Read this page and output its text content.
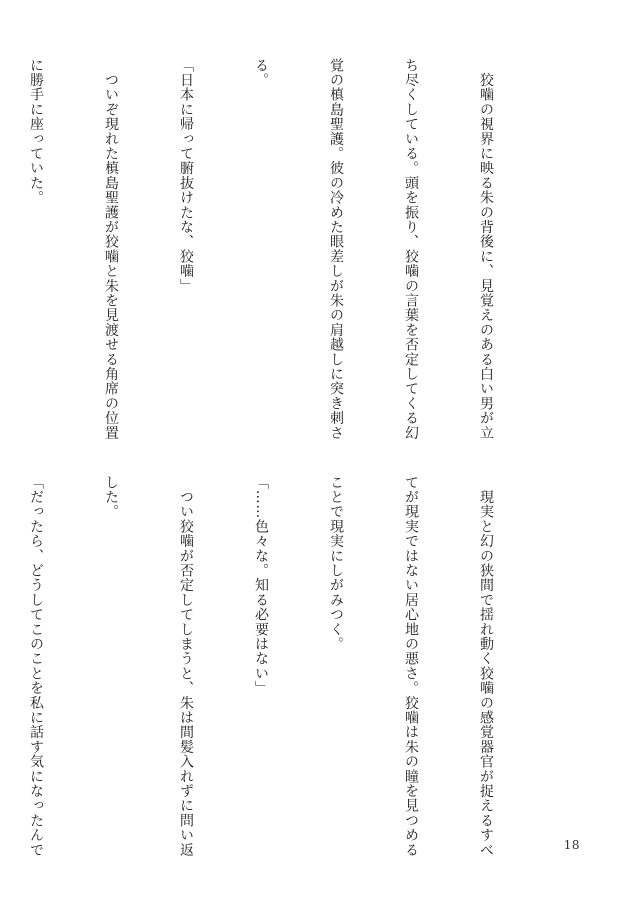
　狡噛の視界に映る朱の背後に、見覚えのある白い男が立

ち尽くしている。頭を振り、狡噛の言葉を否定してくる幻

覚の槙島聖護。彼の冷めた眼差しが朱の肩越しに突き刺さ

る。

「日本に帰って腑抜けたな、狡噛」

　ついぞ現れた槙島聖護が狡噛と朱を見渡せる角席の位置

に勝手に座っていた。

　現実と幻の狭間で揺れ動く狡噛の感覚器官が捉えるすべ

てが現実ではない居心地の悪さ。狡噛は朱の瞳を見つめる

ことで現実にしがみつく。

「……色々な。知る必要はない」

　つい狡噛が否定してしまうと、朱は間髪入れずに問い返

した。

「だったら、どうしてこのことを私に話す気になったんで

	18
